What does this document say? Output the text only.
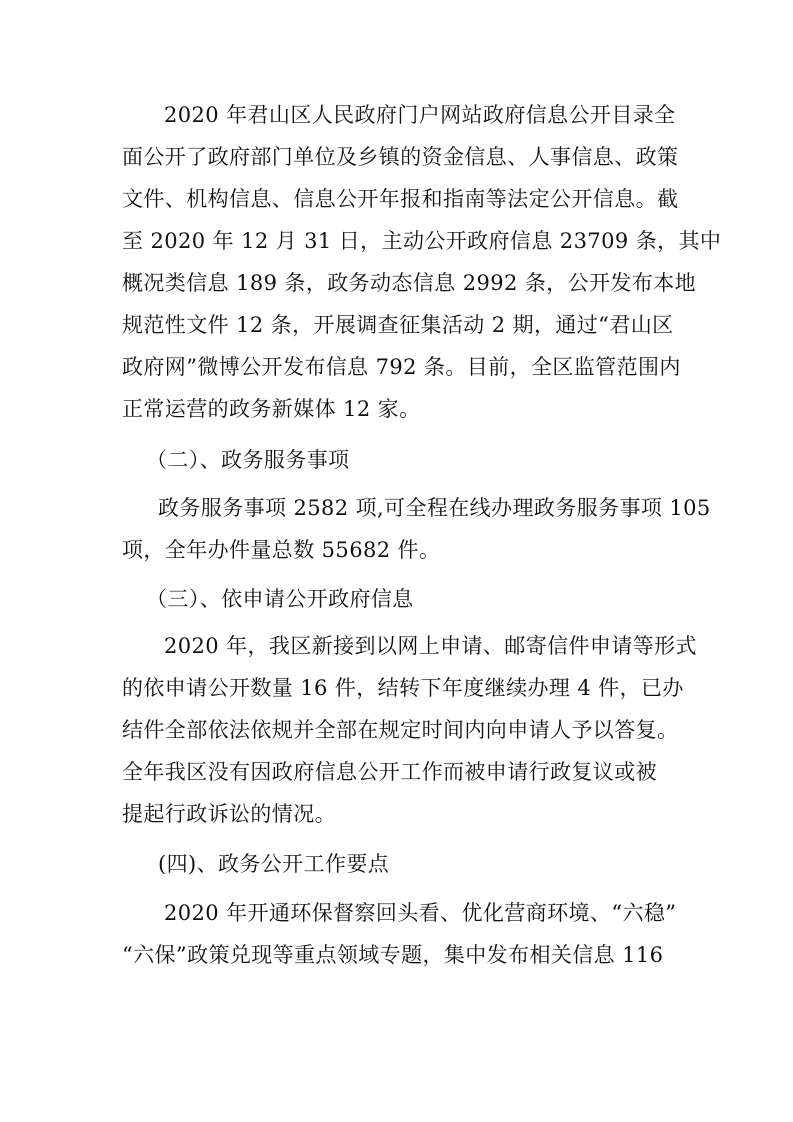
2020 年君山区人民政府门户网站政府信息公开目录全
面公开了政府部门单位及乡镇的资金信息、人事信息、政策
文件、机构信息、信息公开年报和指南等法定公开信息。截
至 2020 年 12 月 31 日，主动公开政府信息 23709 条，其中
概况类信息 189 条，政务动态信息 2992 条，公开发布本地
规范性文件 12 条，开展调查征集活动 2 期，通过“君山区
政府网”微博公开发布信息 792 条。目前，全区监管范围内
正常运营的政务新媒体 12 家。
（二）、政务服务事项
政务服务事项 2582 项,可全程在线办理政务服务事项 105
项，全年办件量总数 55682 件。
（三）、依申请公开政府信息
2020 年，我区新接到以网上申请、邮寄信件申请等形式
的依申请公开数量 16 件，结转下年度继续办理 4 件，已办
结件全部依法依规并全部在规定时间内向申请人予以答复。
全年我区没有因政府信息公开工作而被申请行政复议或被
提起行政诉讼的情况。
(四)、政务公开工作要点
2020 年开通环保督察回头看、优化营商环境、“六稳”
“六保”政策兑现等重点领域专题，集中发布相关信息 116
